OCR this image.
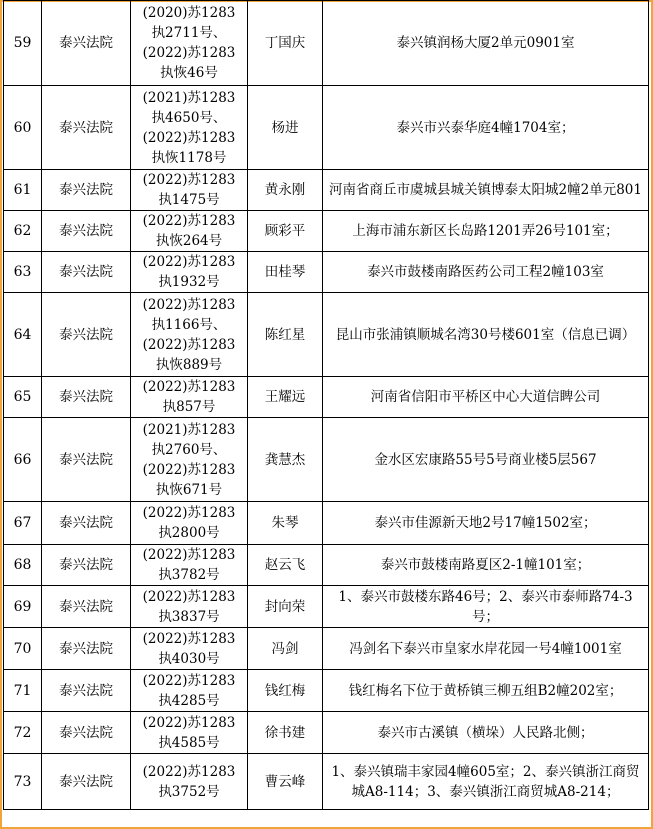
59	泰兴法院	(2020)苏1283
执2711号、
(2022)苏1283
执恢46号	丁国庆	泰兴镇润杨大厦2单元0901室
60	泰兴法院	(2021)苏1283
执4650号、
(2022)苏1283
执恢1178号	杨进	泰兴市兴泰华庭4幢1704室；
61	泰兴法院	(2022)苏1283
执1475号	黄永刚	河南省商丘市虞城县城关镇博泰太阳城2幢2单元801
62	泰兴法院	(2022)苏1283
执恢264号	顾彩平	上海市浦东新区长岛路1201弄26号101室；
63	泰兴法院	(2022)苏1283
执1932号	田桂琴	泰兴市鼓楼南路医药公司工程2幢103室
64	泰兴法院	(2022)苏1283
执1166号、
(2022)苏1283
执恢889号	陈红星	昆山市张浦镇顺城名湾30号楼601室（信息已调）
65	泰兴法院	(2022)苏1283
执857号	王耀远	河南省信阳市平桥区中心大道信睥公司
66	泰兴法院	(2021)苏1283
执2760号、
(2022)苏1283
执恢671号	龚慧杰	金水区宏康路55号5号商业楼5层567
67	泰兴法院	(2022)苏1283
执2800号	朱琴	泰兴市佳源新天地2号17幢1502室；
68	泰兴法院	(2022)苏1283
执3782号	赵云飞	泰兴市鼓楼南路夏区2-1幢101室；
69	泰兴法院	(2022)苏1283
执3837号	封向荣	1、泰兴市鼓楼东路46号；2、泰兴市泰师路74-3号；
70	泰兴法院	(2022)苏1283
执4030号	冯剑	冯剑名下泰兴市皇家水岸花园一号4幢1001室
71	泰兴法院	(2022)苏1283
执4285号	钱红梅	钱红梅名下位于黄桥镇三柳五组B2幢202室；
72	泰兴法院	(2022)苏1283
执4585号	徐书建	泰兴市古溪镇（横垛）人民路北侧；
73	泰兴法院	(2022)苏1283
执3752号	曹云峰	1、泰兴镇瑞丰家园4幢605室；2、泰兴镇浙江商贸城A8-114；3、泰兴镇浙江商贸城A8-214；
